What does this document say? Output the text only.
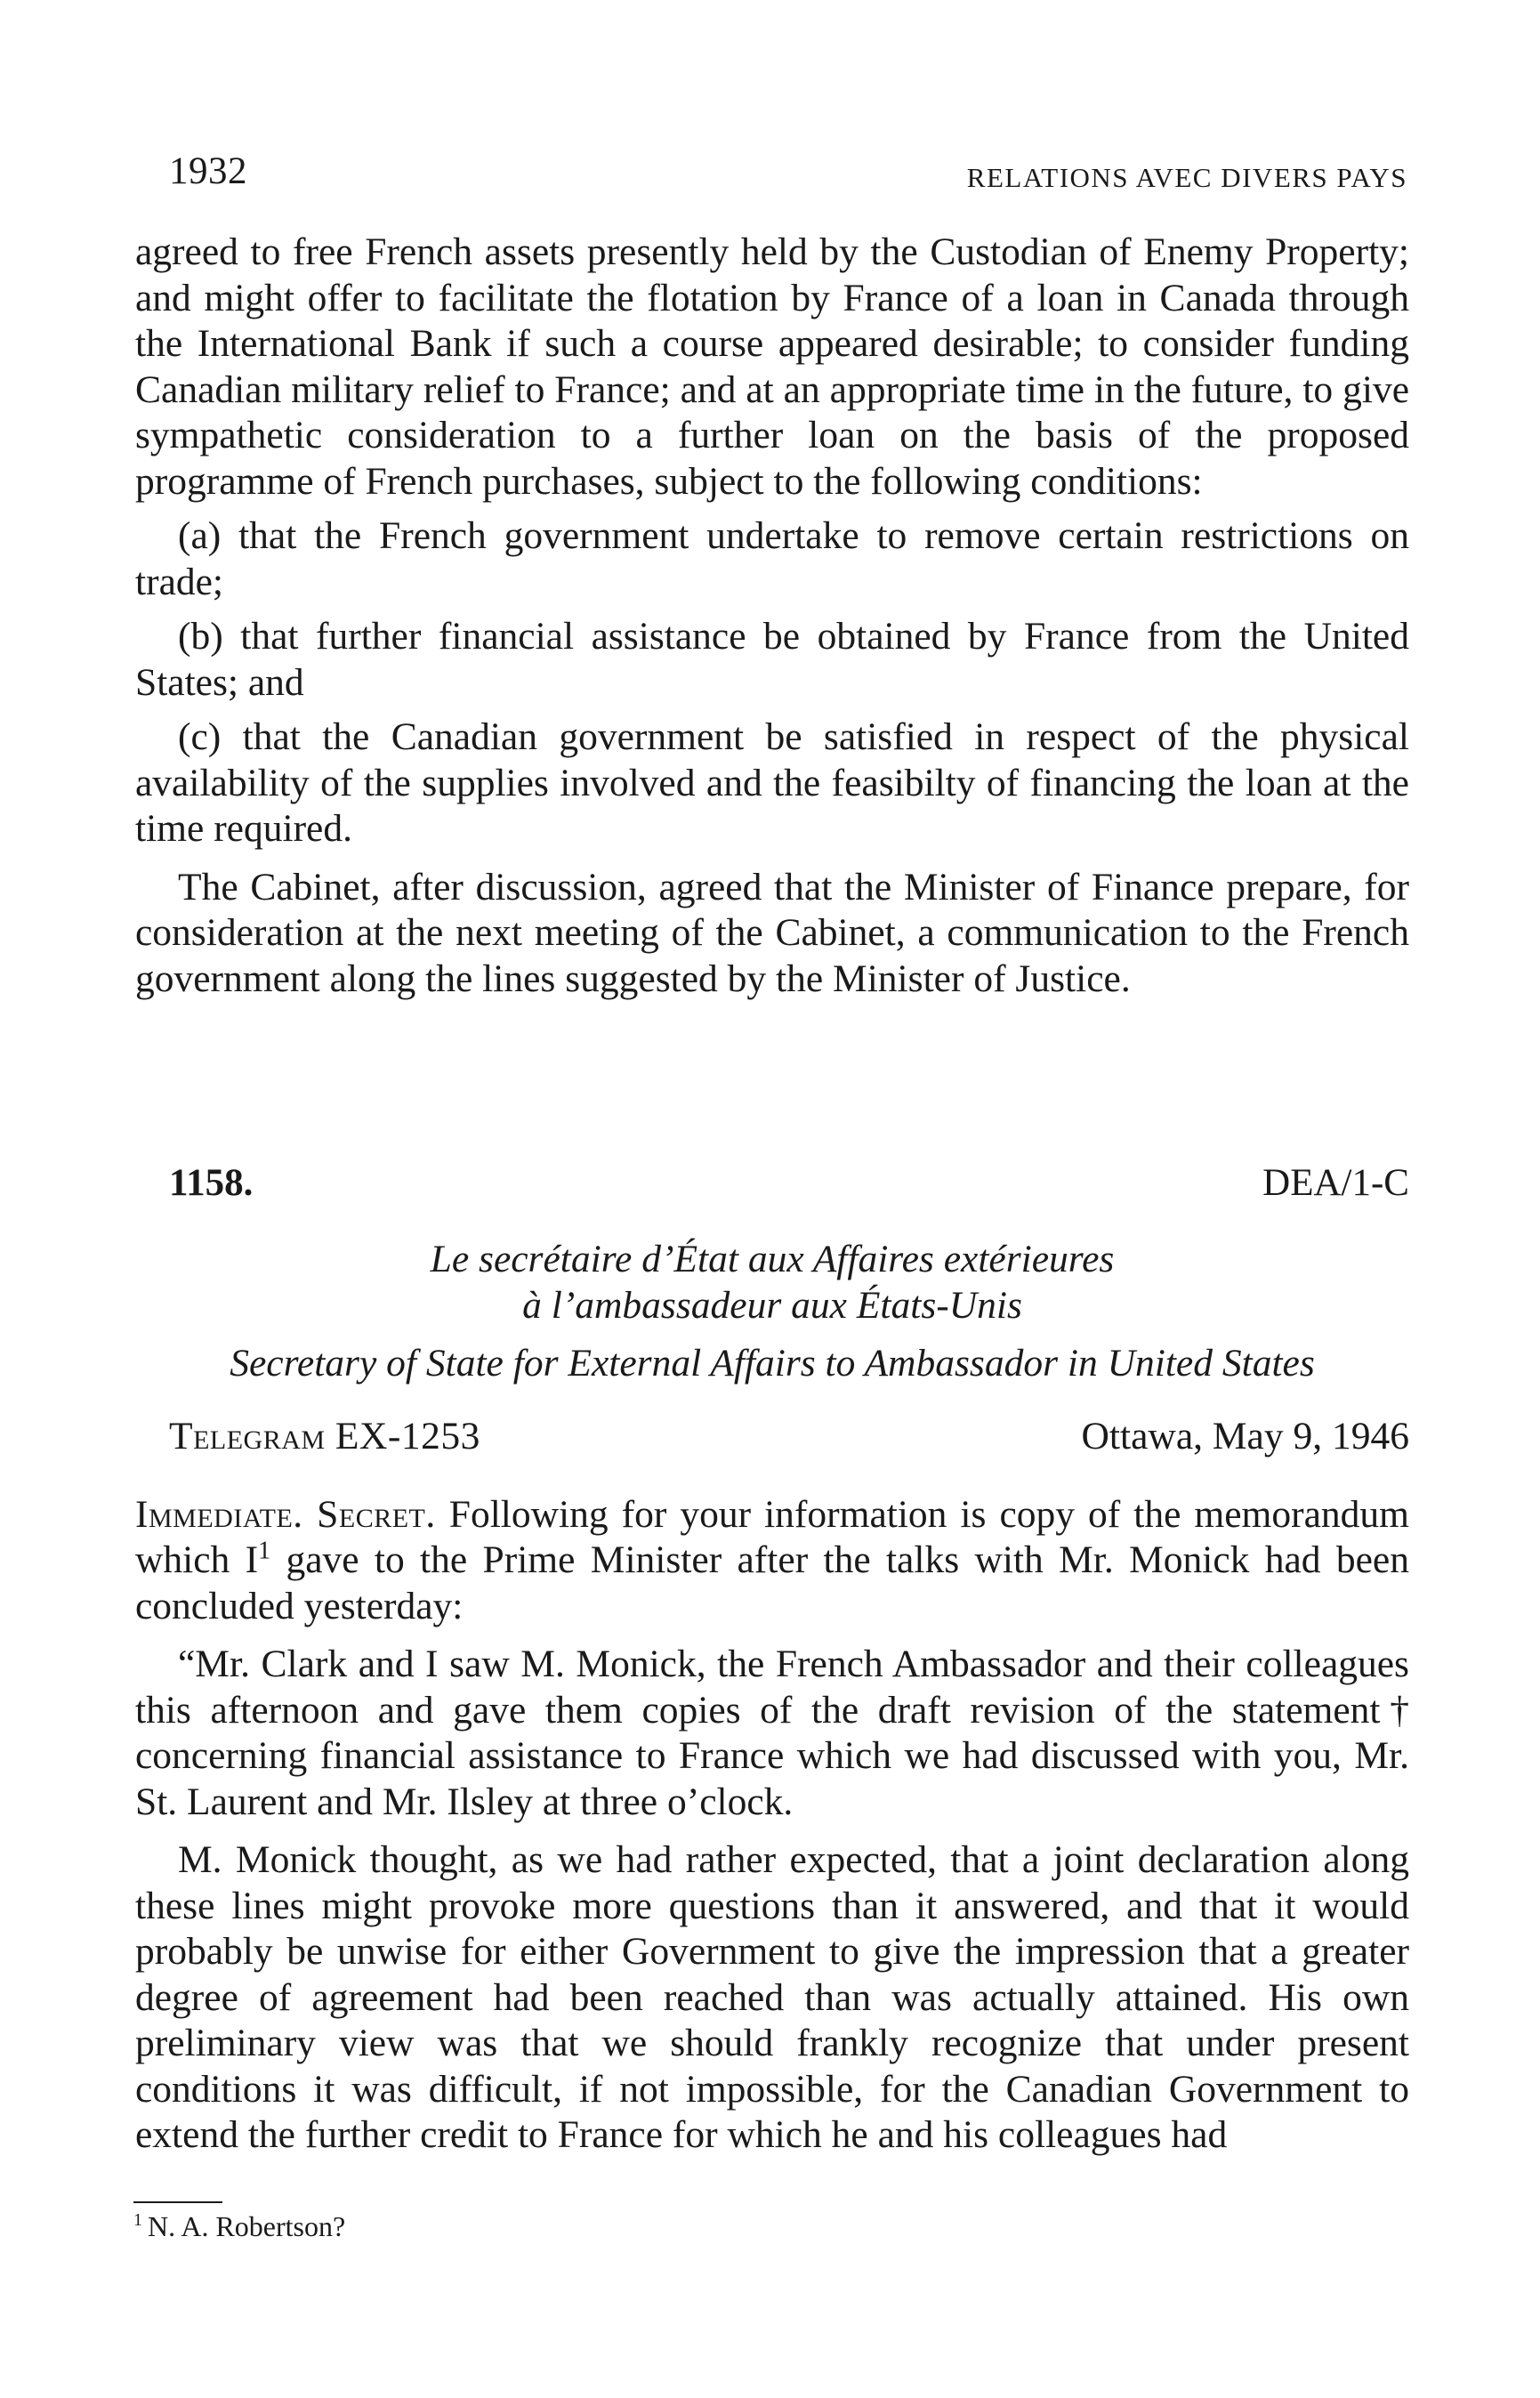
1932	RELATIONS AVEC DIVERS PAYS

agreed to free French assets presently held by the Custodian of Enemy Property; and might offer to facilitate the flotation by France of a loan in Canada through the International Bank if such a course appeared desirable; to consider funding Canadian military relief to France; and at an appropriate time in the future, to give sympathetic consideration to a further loan on the basis of the proposed programme of French purchases, subject to the following conditions:

(a) that the French government undertake to remove certain restrictions on trade;

(b) that further financial assistance be obtained by France from the United States; and

(c) that the Canadian government be satisfied in respect of the physical availability of the supplies involved and the feasibilty of financing the loan at the time required.

The Cabinet, after discussion, agreed that the Minister of Finance prepare, for consideration at the next meeting of the Cabinet, a communication to the French government along the lines suggested by the Minister of Justice.

1158.	DEA/1-C

Le secrétaire d’État aux Affaires extérieures

à l’ambassadeur aux États-Unis

Secretary of State for External Affairs to Ambassador in United States

Telegram EX-1253	Ottawa, May 9, 1946

Immediate. Secret. Following for your information is copy of the memorandum which $I^1$ gave to the Prime Minister after the talks with Mr. Monick had been concluded yesterday:

“Mr. Clark and I saw M. Monick, the French Ambassador and their colleagues this afternoon and gave them copies of the draft revision of the statement† concerning financial assistance to France which we had discussed with you, Mr. St. Laurent and Mr. Ilsley at three o’clock.

M. Monick thought, as we had rather expected, that a joint declaration along these lines might provoke more questions than it answered, and that it would probably be unwise for either Government to give the impression that a greater degree of agreement had been reached than was actually attained. His own preliminary view was that we should frankly recognize that under present conditions it was difficult, if not impossible, for the Canadian Government to extend the further credit to France for which he and his colleagues had

$^1$ N. A. Robertson?
